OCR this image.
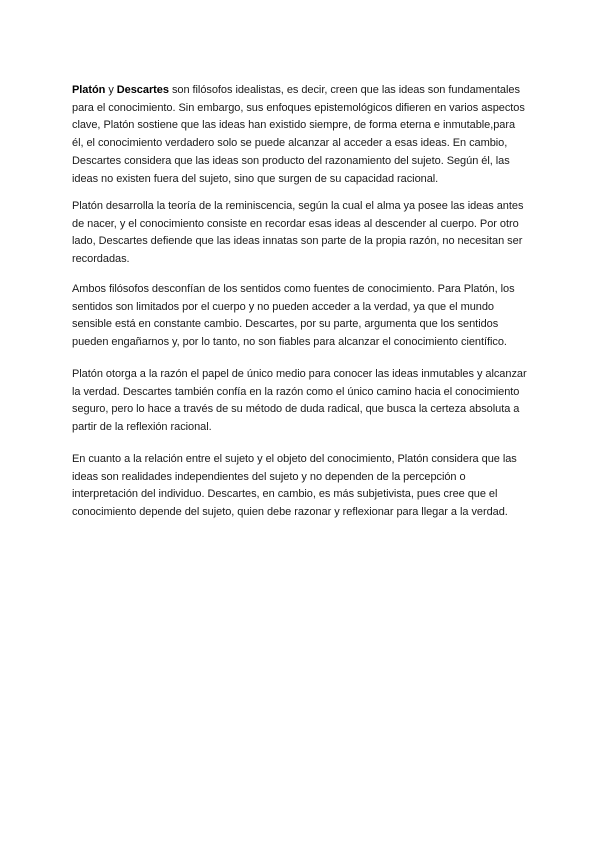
Platón y Descartes son filósofos idealistas, es decir, creen que las ideas son fundamentales para el conocimiento. Sin embargo, sus enfoques epistemológicos difieren en varios aspectos clave, Platón sostiene que las ideas han existido siempre, de forma eterna e inmutable,para él, el conocimiento verdadero solo se puede alcanzar al acceder a esas ideas. En cambio, Descartes considera que las ideas son producto del razonamiento del sujeto. Según él, las ideas no existen fuera del sujeto, sino que surgen de su capacidad racional.

Platón desarrolla la teoría de la reminiscencia, según la cual el alma ya posee las ideas antes de nacer, y el conocimiento consiste en recordar esas ideas al descender al cuerpo. Por otro lado, Descartes defiende que las ideas innatas son parte de la propia razón, no necesitan ser recordadas.

Ambos filósofos desconfían de los sentidos como fuentes de conocimiento. Para Platón, los sentidos son limitados por el cuerpo y no pueden acceder a la verdad, ya que el mundo sensible está en constante cambio. Descartes, por su parte, argumenta que los sentidos pueden engañarnos y, por lo tanto, no son fiables para alcanzar el conocimiento científico.

Platón otorga a la razón el papel de único medio para conocer las ideas inmutables y alcanzar la verdad. Descartes también confía en la razón como el único camino hacia el conocimiento seguro, pero lo hace a través de su método de duda radical, que busca la certeza absoluta a partir de la reflexión racional.

En cuanto a la relación entre el sujeto y el objeto del conocimiento, Platón considera que las ideas son realidades independientes del sujeto y no dependen de la percepción o interpretación del individuo. Descartes, en cambio, es más subjetivista, pues cree que el conocimiento depende del sujeto, quien debe razonar y reflexionar para llegar a la verdad.
